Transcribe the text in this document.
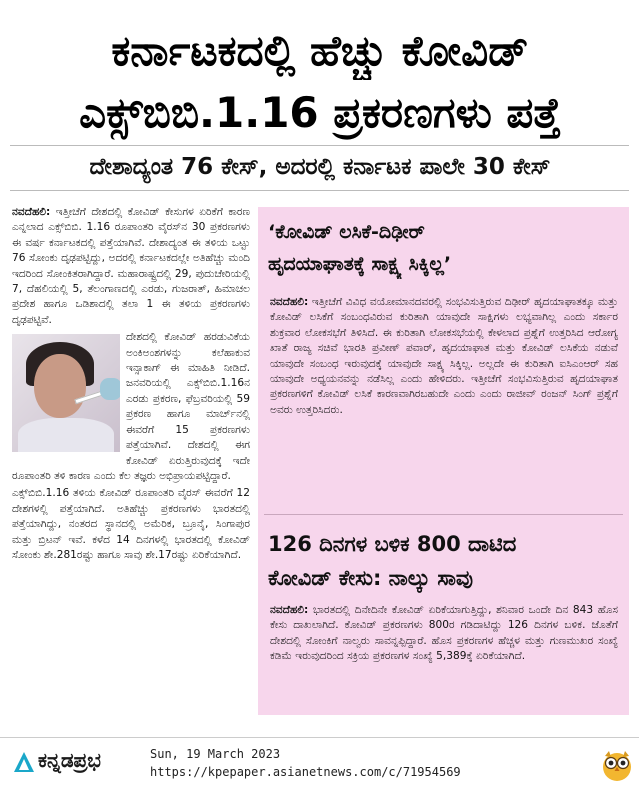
ಕರ್ನಾಟಕದಲ್ಲಿ ಹೆಚ್ಚು ಕೋವಿಡ್
ಎಕ್ಸ್‌ಬಿಬಿ.1.16 ಪ್ರಕರಣಗಳು ಪತ್ತೆ
ದೇಶಾದ್ಯಂತ 76 ಕೇಸ್, ಅದರಲ್ಲಿ ಕರ್ನಾಟಕ ಪಾಲೇ 30 ಕೇಸ್

ನವದೆಹಲಿ: ಇತ್ತೀಚೆಗೆ ದೇಶದಲ್ಲಿ ಕೋವಿಡ್ ಕೇಸುಗಳ ಏರಿಕೆಗೆ ಕಾರಣ ಎನ್ನಲಾದ ಎಕ್ಸ್‌ಬಿಬಿ. 1.16 ರೂಪಾಂತರಿ ವೈರಸ್‌ನ 30 ಪ್ರಕರಣಗಳು ಈ ವರ್ಷ ಕರ್ನಾಟಕದಲ್ಲಿ ಪತ್ತೆಯಾಗಿವೆ. ದೇಶಾದ್ಯಂತ ಈ ತಳಿಯ ಒಟ್ಟು 76 ಸೋಂಕು ದೃಢಪಟ್ಟಿದ್ದು, ಅದರಲ್ಲಿ ಕರ್ನಾಟಕದಲ್ಲೇ ಅತಿಹೆಚ್ಚು ಮಂದಿ ಇದರಿಂದ ಸೋಂಕಿತರಾಗಿದ್ದಾರೆ. ಮಹಾರಾಷ್ಟ್ರದಲ್ಲಿ 29, ಪುದುಚೇರಿಯಲ್ಲಿ 7, ದೆಹಲಿಯಲ್ಲಿ 5, ತೆಲಂಗಾಣದಲ್ಲಿ ಎರಡು, ಗುಜರಾತ್, ಹಿಮಾಚಲ ಪ್ರದೇಶ ಹಾಗೂ ಒಡಿಶಾದಲ್ಲಿ ತಲಾ 1 ಈ ತಳಿಯ ಪ್ರಕರಣಗಳು ದೃಢಪಟ್ಟಿವೆ.

ದೇಶದಲ್ಲಿ ಕೋವಿಡ್ ಹರಡುವಿಕೆಯ ಅಂಕಿಅಂಶಗಳನ್ನು ಕಲೆಹಾಕುವ ಇನ್ಸಾಕಾಗ್ ಈ ಮಾಹಿತಿ ನೀಡಿದೆ. ಜನವರಿಯಲ್ಲಿ ಎಕ್ಸ್‌ಬಿಬಿ.1.16ನ ಎರಡು ಪ್ರಕರಣ, ಫೆಬ್ರವರಿಯಲ್ಲಿ 59 ಪ್ರಕರಣ ಹಾಗೂ ಮಾರ್ಚ್‌ನಲ್ಲಿ ಈವರೆಗೆ 15 ಪ್ರಕರಣಗಳು ಪತ್ತೆಯಾಗಿವೆ. ದೇಶದಲ್ಲಿ ಈಗ ಕೋವಿಡ್ ಏರುತ್ತಿರುವುದಕ್ಕೆ ಇದೇ ರೂಪಾಂತರಿ ತಳಿ ಕಾರಣ ಎಂದು ಕೆಲ ತಜ್ಞರು ಅಭಿಪ್ರಾಯಪಟ್ಟಿದ್ದಾರೆ.

ಎಕ್ಸ್‌ಬಿಬಿ.1.16 ತಳಿಯ ಕೋವಿಡ್ ರೂಪಾಂತರಿ ವೈರಸ್ ಈವರೆಗೆ 12 ದೇಶಗಳಲ್ಲಿ ಪತ್ತೆಯಾಗಿದೆ. ಅತಿಹೆಚ್ಚು ಪ್ರಕರಣಗಳು ಭಾರತದಲ್ಲಿ ಪತ್ತೆಯಾಗಿದ್ದು, ನಂತರದ ಸ್ಥಾನದಲ್ಲಿ ಅಮೆರಿಕ, ಬ್ರೂನೈ, ಸಿಂಗಾಪುರ ಮತ್ತು ಬ್ರಿಟನ್ ಇವೆ. ಕಳೆದ 14 ದಿನಗಳಲ್ಲಿ ಭಾರತದಲ್ಲಿ ಕೋವಿಡ್ ಸೋಂಕು ಶೇ.281ರಷ್ಟು ಹಾಗೂ ಸಾವು ಶೇ.17ರಷ್ಟು ಏರಿಕೆಯಾಗಿದೆ.

‘ಕೋವಿಡ್ ಲಸಿಕೆ-ದಿಢೀರ್
ಹೃದಯಾಘಾತಕ್ಕೆ ಸಾಕ್ಷ್ಯ ಸಿಕ್ಕಿಲ್ಲ’
ನವದೆಹಲಿ: ಇತ್ತೀಚೆಗೆ ವಿವಿಧ ವಯೋಮಾನದವರಲ್ಲಿ ಸಂಭವಿಸುತ್ತಿರುವ ದಿಢೀರ್ ಹೃದಯಾಘಾತಕ್ಕೂ ಮತ್ತು ಕೋವಿಡ್ ಲಸಿಕೆಗೆ ಸಂಬಂಧವಿರುವ ಕುರಿತಾಗಿ ಯಾವುದೇ ಸಾಕ್ಷಿಗಳು ಲಭ್ಯವಾಗಿಲ್ಲ ಎಂದು ಸರ್ಕಾರ ಶುಕ್ರವಾರ ಲೋಕಸಭೆಗೆ ತಿಳಿಸಿದೆ. ಈ ಕುರಿತಾಗಿ ಲೋಕಸಭೆಯಲ್ಲಿ ಕೇಳಲಾದ ಪ್ರಶ್ನೆಗೆ ಉತ್ತರಿಸಿದ ಆರೋಗ್ಯ ಖಾತೆ ರಾಜ್ಯ ಸಚಿವೆ ಭಾರತಿ ಪ್ರವೀಣ್ ಪವಾರ್, ಹೃದಯಾಘಾತ ಮತ್ತು ಕೋವಿಡ್ ಲಸಿಕೆಯ ನಡುವೆ ಯಾವುದೇ ಸಂಬಂಧ ಇರುವುದಕ್ಕೆ ಯಾವುದೇ ಸಾಕ್ಷ್ಯ ಸಿಕ್ಕಿಲ್ಲ. ಅಲ್ಲದೇ ಈ ಕುರಿತಾಗಿ ಐಸಿಎಂಆರ್ ಸಹ ಯಾವುದೇ ಅಧ್ಯಯನವನ್ನು ನಡೆಸಿಲ್ಲ ಎಂದು ಹೇಳಿದರು. ಇತ್ತೀಚೆಗೆ ಸಂಭವಿಸುತ್ತಿರುವ ಹೃದಯಾಘಾತ ಪ್ರಕರಣಗಳಿಗೆ ಕೋವಿಡ್ ಲಸಿಕೆ ಕಾರಣವಾಗಿರಬಹುದೇ ಎಂದು ಎಂದು ರಾಜೀವ್ ರಂಜನ್ ಸಿಂಗ್ ಪ್ರಶ್ನೆಗೆ ಅವರು ಉತ್ತರಿಸಿದರು.
126 ದಿನಗಳ ಬಳಿಕ 800 ದಾಟಿದ
ಕೋವಿಡ್ ಕೇಸು: ನಾಲ್ಕು ಸಾವು
ನವದೆಹಲಿ: ಭಾರತದಲ್ಲಿ ದಿನೇದಿನೇ ಕೋವಿಡ್ ಏರಿಕೆಯಾಗುತ್ತಿದ್ದು, ಶನಿವಾರ ಒಂದೇ ದಿನ 843 ಹೊಸ ಕೇಸು ದಾಖಲಾಗಿದೆ. ಕೋವಿಡ್ ಪ್ರಕರಣಗಳು 800ರ ಗಡಿದಾಟಿದ್ದು 126 ದಿನಗಳ ಬಳಿಕ. ಜೊತೆಗೆ ದೇಶದಲ್ಲಿ ಸೋಂಕಿಗೆ ನಾಲ್ವರು ಸಾವನ್ನಪ್ಪಿದ್ದಾರೆ. ಹೊಸ ಪ್ರಕರಣಗಳ ಹೆಚ್ಚಳ ಮತ್ತು ಗುಣಮುಖರ ಸಂಖ್ಯೆ ಕಡಿಮೆ ಇರುವುದರಿಂದ ಸಕ್ರಿಯ ಪ್ರಕರಣಗಳ ಸಂಖ್ಯೆ 5,389ಕ್ಕೆ ಏರಿಕೆಯಾಗಿದೆ.
ಕನ್ನಡಪ್ರಭ	Sun, 19 March 2023
https://kpepaper.asianetnews.com/c/71954569
